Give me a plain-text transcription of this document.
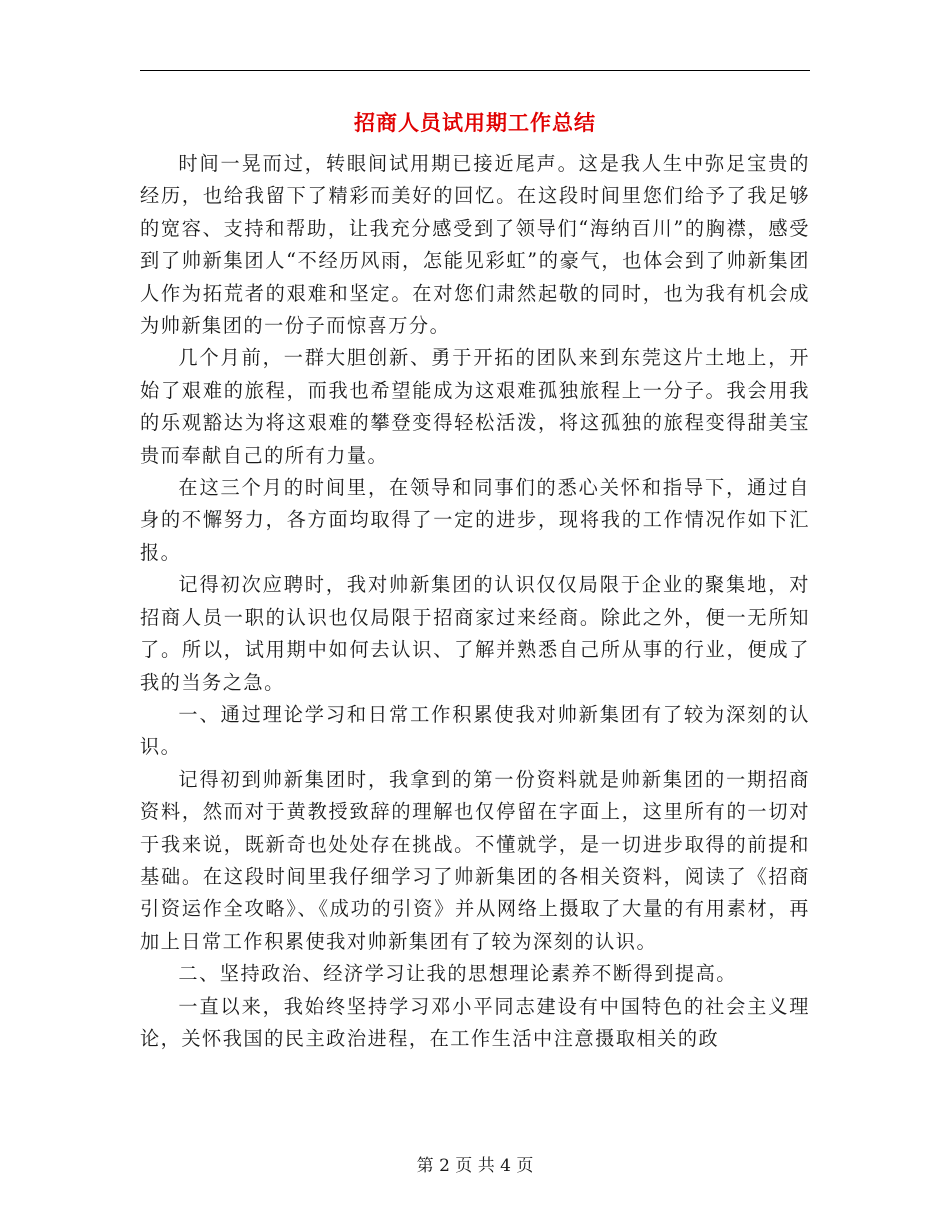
招商人员试用期工作总结

时间一晃而过，转眼间试用期已接近尾声。这是我人生中弥足宝贵的经历，也给我留下了精彩而美好的回忆。在这段时间里您们给予了我足够的宽容、支持和帮助，让我充分感受到了领导们“海纳百川”的胸襟，感受到了帅新集团人“不经历风雨，怎能见彩虹”的豪气，也体会到了帅新集团人作为拓荒者的艰难和坚定。在对您们肃然起敬的同时，也为我有机会成为帅新集团的一份子而惊喜万分。

几个月前，一群大胆创新、勇于开拓的团队来到东莞这片土地上，开始了艰难的旅程，而我也希望能成为这艰难孤独旅程上一分子。我会用我的乐观豁达为将这艰难的攀登变得轻松活泼，将这孤独的旅程变得甜美宝贵而奉献自己的所有力量。

在这三个月的时间里，在领导和同事们的悉心关怀和指导下，通过自身的不懈努力，各方面均取得了一定的进步，现将我的工作情况作如下汇报。

记得初次应聘时，我对帅新集团的认识仅仅局限于企业的聚集地，对招商人员一职的认识也仅局限于招商家过来经商。除此之外，便一无所知了。所以，试用期中如何去认识、了解并熟悉自己所从事的行业，便成了我的当务之急。

一、通过理论学习和日常工作积累使我对帅新集团有了较为深刻的认识。

记得初到帅新集团时，我拿到的第一份资料就是帅新集团的一期招商资料，然而对于黄教授致辞的理解也仅停留在字面上，这里所有的一切对于我来说，既新奇也处处存在挑战。不懂就学，是一切进步取得的前提和基础。在这段时间里我仔细学习了帅新集团的各相关资料，阅读了《招商引资运作全攻略》、《成功的引资》并从网络上摄取了大量的有用素材，再加上日常工作积累使我对帅新集团有了较为深刻的认识。

二、坚持政治、经济学习让我的思想理论素养不断得到提高。

一直以来，我始终坚持学习邓小平同志建设有中国特色的社会主义理论，关怀我国的民主政治进程，在工作生活中注意摄取相关的政

第 2 页 共 4 页
